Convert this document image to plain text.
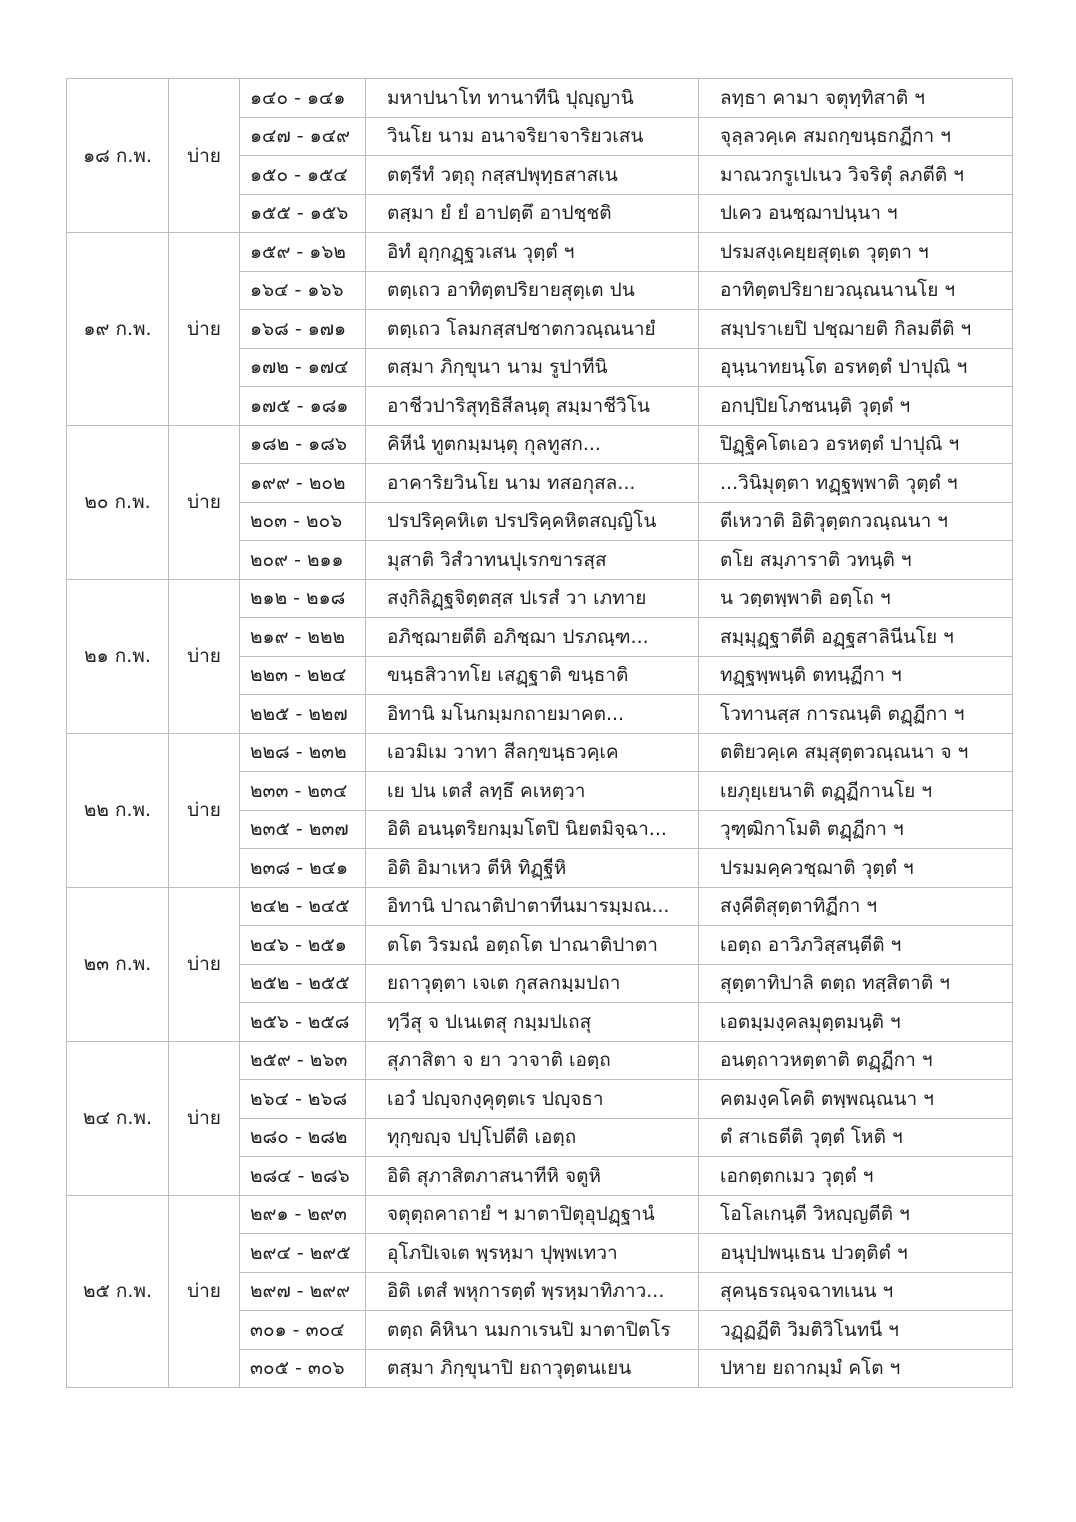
๑๘ ก.พ.	บ่าย	๑๔๐ - ๑๔๑	มหาปนาโท ทานาทีนิ ปุญฺญานิ	ลทฺธา คามา จตุทฺทิสาติ ฯ
		๑๔๗ - ๑๔๙	วินโย นาม อนาจริยาจาริยวเสน	จุลฺลวคฺเค สมถกฺขนฺธกฏีกา ฯ
		๑๕๐ - ๑๕๔	ตตฺรีทํ วตฺถุ กสฺสปพุทฺธสาสเน	มาณวกรูเปเนว วิจริตุํ ลภตีติ ฯ
		๑๕๕ - ๑๕๖	ตสฺมา ยํ ยํ อาปตฺตึ อาปชฺชติ	ปเคว อนชฺฌาปนฺนา ฯ
๑๙ ก.พ.	บ่าย	๑๕๙ - ๑๖๒	อิทํ อุกฺกฏฺฐวเสน วุตฺตํ ฯ	ปรมสงฺเคยฺยสุตฺเต วุตฺตา ฯ
		๑๖๔ - ๑๖๖	ตตฺเถว อาทิตฺตปริยายสุตฺเต ปน	อาทิตฺตปริยายวณฺณนานโย ฯ
		๑๖๘ - ๑๗๑	ตตฺเถว โลมกสฺสปชาตกวณฺณนายํ	สมฺปราเยปิ ปชฺฌายติ กิลมตีติ ฯ
		๑๗๒ - ๑๗๔	ตสฺมา ภิกฺขุนา นาม รูปาทีนิ	อุนฺนาทยนฺโต อรหตฺตํ ปาปุณิ ฯ
		๑๗๕ - ๑๘๑	อาชีวปาริสุทฺธิสีลนฺตุ สมฺมาชีวิโน	อกปฺปิยโภชนนฺติ วุตฺตํ ฯ
๒๐ ก.พ.	บ่าย	๑๘๒ - ๑๘๖	คิหีนํ ทูตกมฺมนฺตุ กุลทูสก...	ปิฏฺฐิคโตเอว อรหตฺตํ ปาปุณิ ฯ
		๑๙๙ - ๒๐๒	อาคาริยวินโย นาม ทสอกุสล...	...วินิมุตฺตา ทฏฺฐพฺพาติ วุตฺตํ ฯ
		๒๐๓ - ๒๐๖	ปรปริคฺคหิเต ปรปริคฺคหิตสญฺญิโน	ตีเหวาติ อิติวุตฺตกวณฺณนา ฯ
		๒๐๙ - ๒๑๑	มุสาติ วิสํวาทนปุเรกขารสฺส	ตโย สมฺภาราติ วทนฺติ ฯ
๒๑ ก.พ.	บ่าย	๒๑๒ - ๒๑๘	สงฺกิลิฏฺฐจิตฺตสฺส ปเรสํ วา เภทาย	น วตฺตพฺพาติ อตฺโถ ฯ
		๒๑๙ - ๒๒๒	อภิชฺฌายตีติ อภิชฺฌา ปรภณฺฑ...	สมฺมุฏฺฐาตีติ อฏฺฐสาลินีนโย ฯ
		๒๒๓ - ๒๒๔	ขนฺธสิวาทโย เสฏฺฐาติ ขนฺธาติ	ทฏฺฐพฺพนฺติ ตทนฺฏีกา ฯ
		๒๒๕ - ๒๒๗	อิทานิ มโนกมฺมกถายมาคต...	โวทานสฺส การณนฺติ ตฏฺฏีกา ฯ
๒๒ ก.พ.	บ่าย	๒๒๘ - ๒๓๒	เอวมิเม วาทา สีลกฺขนฺธวคฺเค	ตติยวคฺเค สมฺสุตฺตวณฺณนา จ ฯ
		๒๓๓ - ๒๓๔	เย ปน เตสํ ลทฺธึ คเหตฺวา	เยภุยฺเยนาติ ตฏฺฏีกานโย ฯ
		๒๓๕ - ๒๓๗	อิติ อนนฺตริยกมฺมโตปิ นิยตมิจฺฉา...	วุฑฺฒิกาโมติ ตฏฺฏีกา ฯ
		๒๓๘ - ๒๔๑	อิติ อิมาเหว ตีหิ ทิฏฺฐีหิ	ปรมมคฺควชฺฌาติ วุตฺตํ ฯ
๒๓ ก.พ.	บ่าย	๒๔๒ - ๒๔๕	อิทานิ ปาณาติปาตาทีนมารมฺมณ...	สงฺคีติสุตฺตาทิฏีกา ฯ
		๒๔๖ - ๒๕๑	ตโต วิรมณํ อตฺถโต ปาณาติปาตา	เอตฺถ อาวิภวิสฺสนฺตีติ ฯ
		๒๕๒ - ๒๕๕	ยถาวุตฺตา เจเต กุสลกมฺมปถา	สุตฺตาทิปาลิ ตตฺถ ทสฺสิตาติ ฯ
		๒๕๖ - ๒๕๘	ทฺวีสุ จ ปเนเตสุ กมฺมปเถสุ	เอตมฺมงฺคลมุตฺตมนฺติ ฯ
๒๔ ก.พ.	บ่าย	๒๕๙ - ๒๖๓	สุภาสิตา จ ยา วาจาติ เอตฺถ	อนตฺถาวหตฺตาติ ตฏฺฏีกา ฯ
		๒๖๔ - ๒๖๘	เอวํ ปญฺจกงฺคุตฺตเร ปญฺจธา	คตมงฺคโคติ ตพฺพณฺณนา ฯ
		๒๘๐ - ๒๘๒	ทุกฺขญฺจ ปปฺโปตีติ เอตฺถ	ตํ สาเธตีติ วุตฺตํ โหติ ฯ
		๒๘๔ - ๒๘๖	อิติ สุภาสิตภาสนาทีหิ จตูหิ	เอกตฺตกเมว วุตฺตํ ฯ
๒๕ ก.พ.	บ่าย	๒๙๑ - ๒๙๓	จตุตฺถคาถายํ ฯ มาตาปิตุอุปฏฺฐานํ	โอโลเกนฺตี วิหญฺญตีติ ฯ
		๒๙๔ - ๒๙๕	อุโภปิเจเต พฺรหฺมา ปุพฺพเทวา	อนุปฺปพนฺเธน ปวตฺติตํ ฯ
		๒๙๗ - ๒๙๙	อิติ เตสํ พหุการตฺตํ พฺรหฺมาทิภาว...	สุคนฺธรณฺจฉาทเนน ฯ
		๓๐๑ - ๓๐๔	ตตฺถ คิหินา นมกาเรนปิ มาตาปิตโร	วฏฺฏฏีติ วิมติวิโนทนี ฯ
		๓๐๕ - ๓๐๖	ตสฺมา ภิกฺขุนาปิ ยถาวุตฺตนเยน	ปหาย ยถากมฺมํ คโต ฯ
